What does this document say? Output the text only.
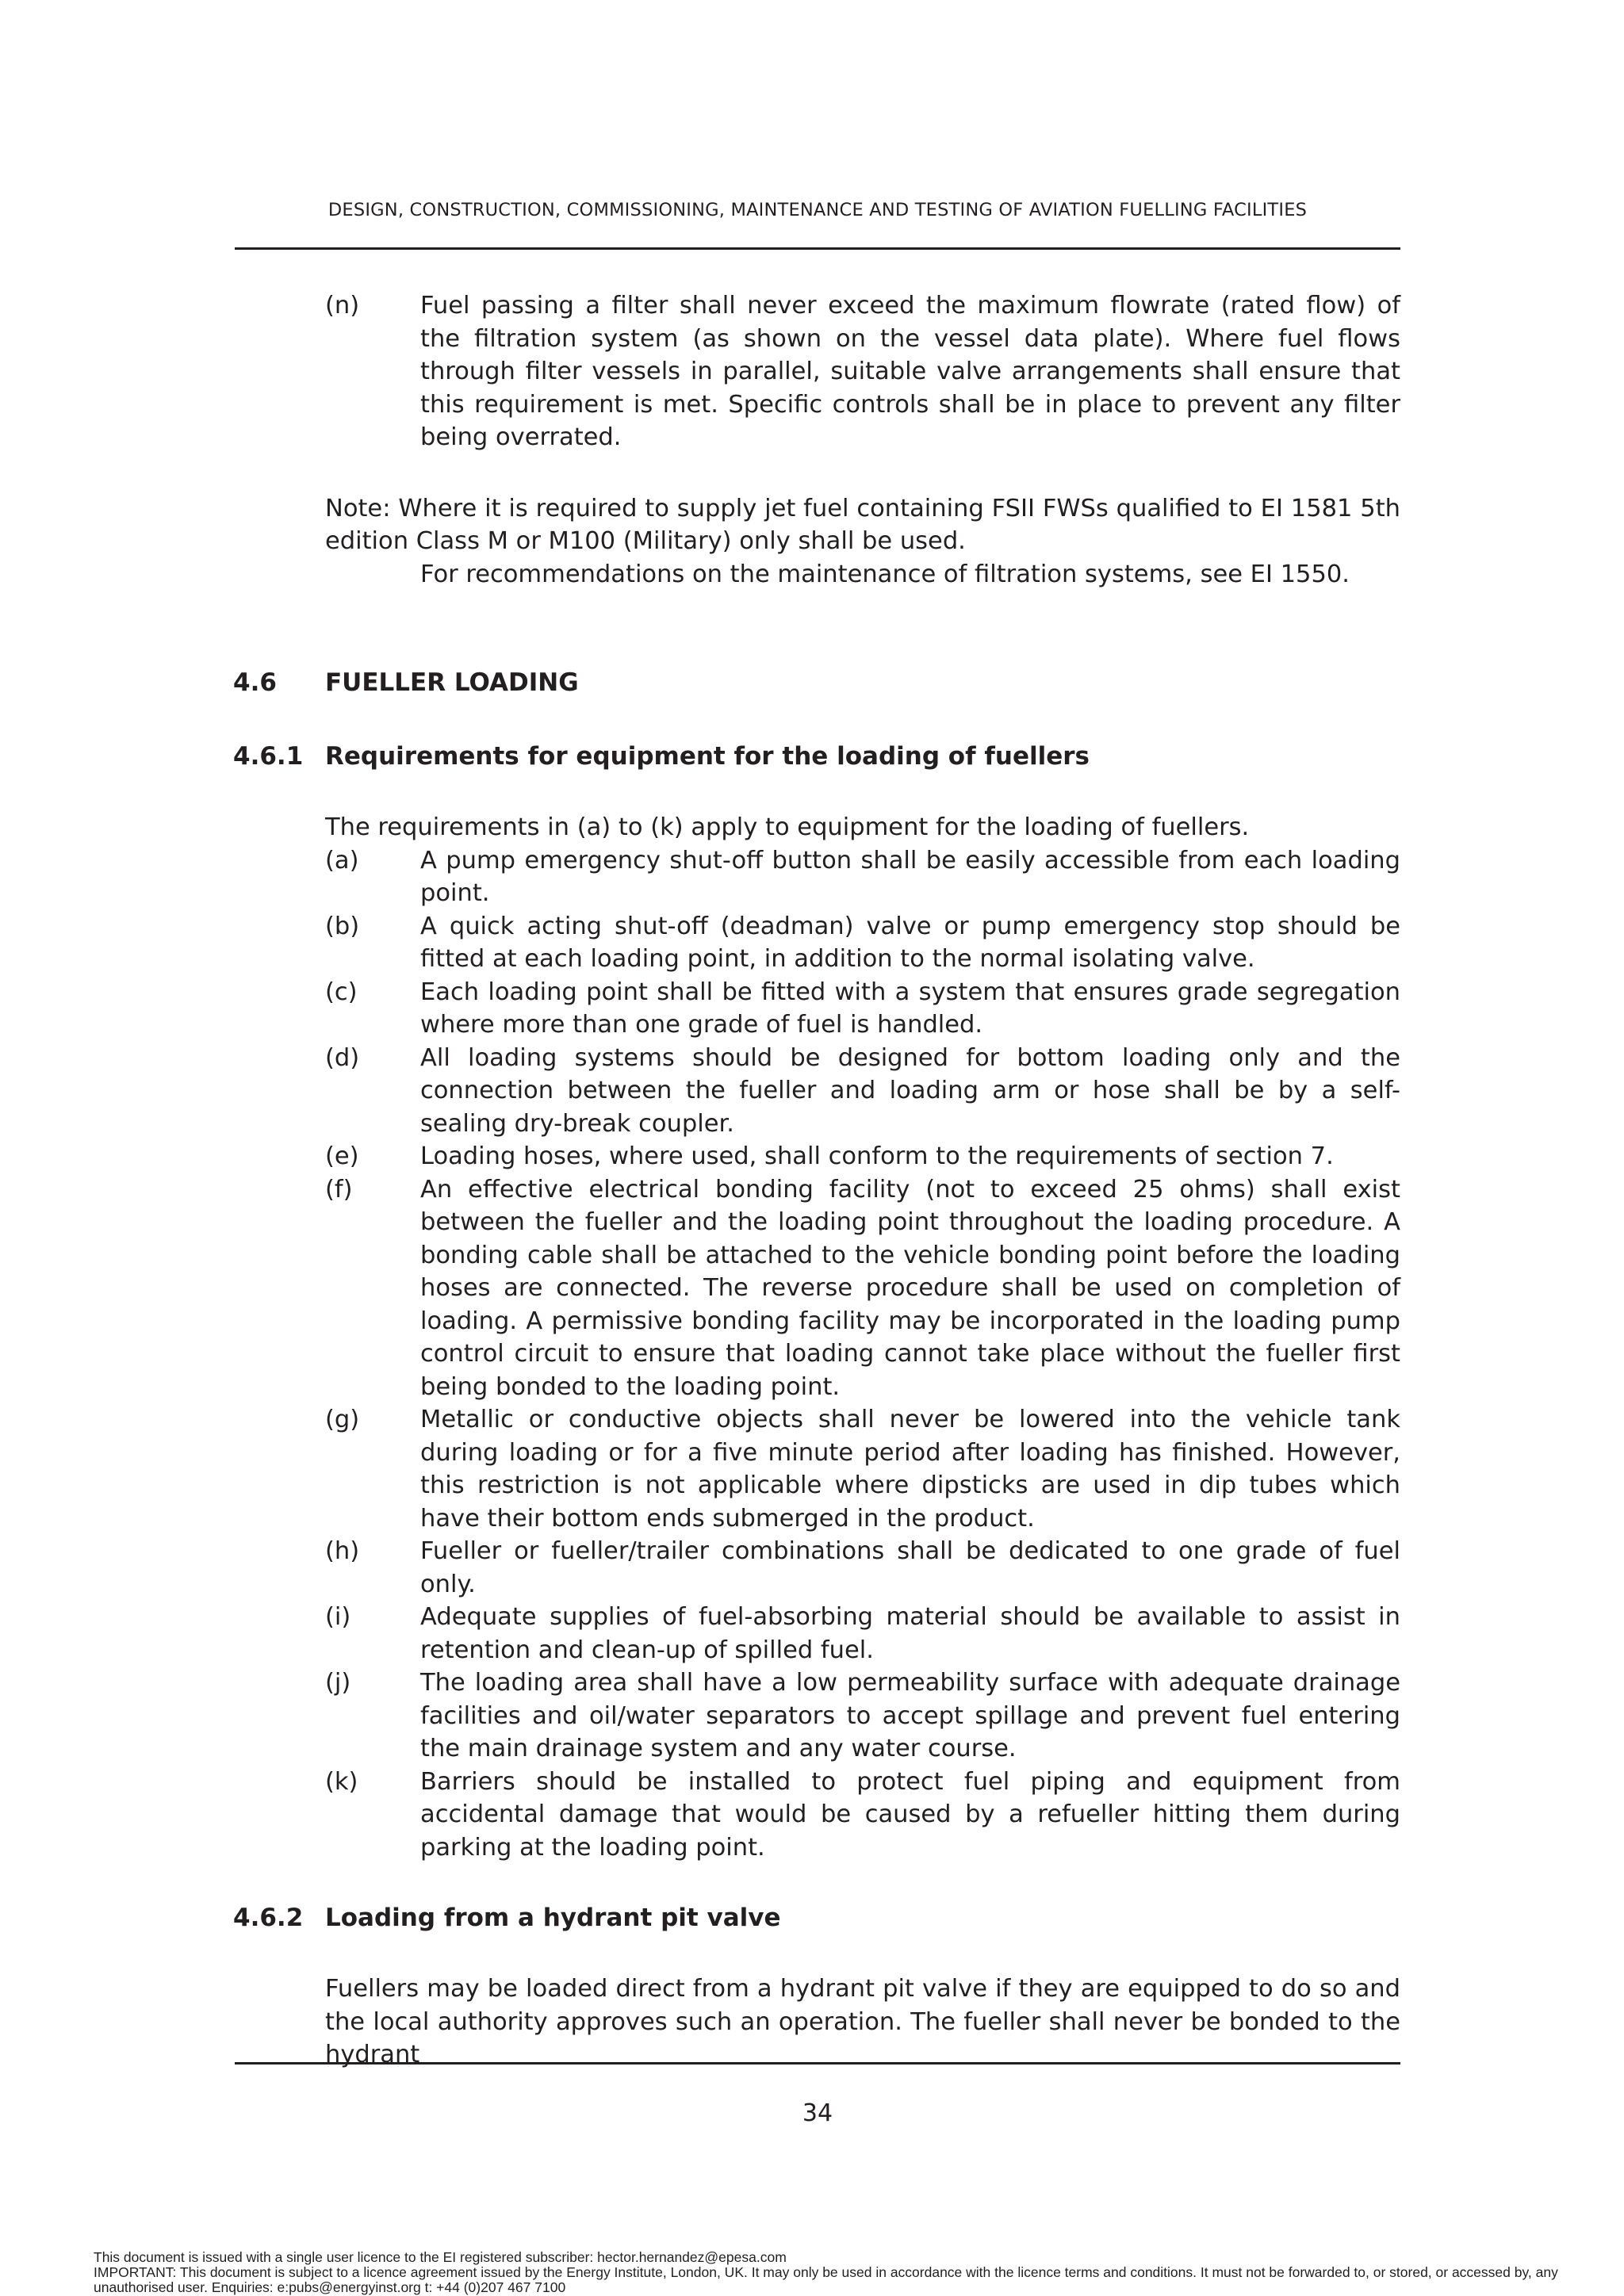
DESIGN, CONSTRUCTION, COMMISSIONING, MAINTENANCE AND TESTING OF AVIATION FUELLING FACILITIES
(n)	Fuel passing a filter shall never exceed the maximum flowrate (rated flow) of the filtration system (as shown on the vessel data plate). Where fuel flows through filter vessels in parallel, suitable valve arrangements shall ensure that this requirement is met. Specific controls shall be in place to prevent any filter being overrated.
Note: Where it is required to supply jet fuel containing FSII FWSs qualified to EI 1581 5th edition Class M or M100 (Military) only shall be used.
For recommendations on the maintenance of filtration systems, see EI 1550.
4.6	FUELLER LOADING
4.6.1 Requirements for equipment for the loading of fuellers
The requirements in (a) to (k) apply to equipment for the loading of fuellers.
(a)	A pump emergency shut-off button shall be easily accessible from each loading point.
(b)	A quick acting shut-off (deadman) valve or pump emergency stop should be fitted at each loading point, in addition to the normal isolating valve.
(c)	Each loading point shall be fitted with a system that ensures grade segregation where more than one grade of fuel is handled.
(d)	All loading systems should be designed for bottom loading only and the connection between the fueller and loading arm or hose shall be by a self-sealing dry-break coupler.
(e)	Loading hoses, where used, shall conform to the requirements of section 7.
(f)	An effective electrical bonding facility (not to exceed 25 ohms) shall exist between the fueller and the loading point throughout the loading procedure. A bonding cable shall be attached to the vehicle bonding point before the loading hoses are connected. The reverse procedure shall be used on completion of loading. A permissive bonding facility may be incorporated in the loading pump control circuit to ensure that loading cannot take place without the fueller first being bonded to the loading point.
(g)	Metallic or conductive objects shall never be lowered into the vehicle tank during loading or for a five minute period after loading has finished. However, this restriction is not applicable where dipsticks are used in dip tubes which have their bottom ends submerged in the product.
(h)	Fueller or fueller/trailer combinations shall be dedicated to one grade of fuel only.
(i)	Adequate supplies of fuel-absorbing material should be available to assist in retention and clean-up of spilled fuel.
(j)	The loading area shall have a low permeability surface with adequate drainage facilities and oil/water separators to accept spillage and prevent fuel entering the main drainage system and any water course.
(k)	Barriers should be installed to protect fuel piping and equipment from accidental damage that would be caused by a refueller hitting them during parking at the loading point.
4.6.2 Loading from a hydrant pit valve
Fuellers may be loaded direct from a hydrant pit valve if they are equipped to do so and the local authority approves such an operation. The fueller shall never be bonded to the hydrant
34
This document is issued with a single user licence to the EI registered subscriber: hector.hernandez@epesa.com
IMPORTANT: This document is subject to a licence agreement issued by the Energy Institute, London, UK. It may only be used in accordance with the licence terms and conditions. It must not be forwarded to, or stored, or accessed by, any unauthorised user. Enquiries: e:pubs@energyinst.org t: +44 (0)207 467 7100
